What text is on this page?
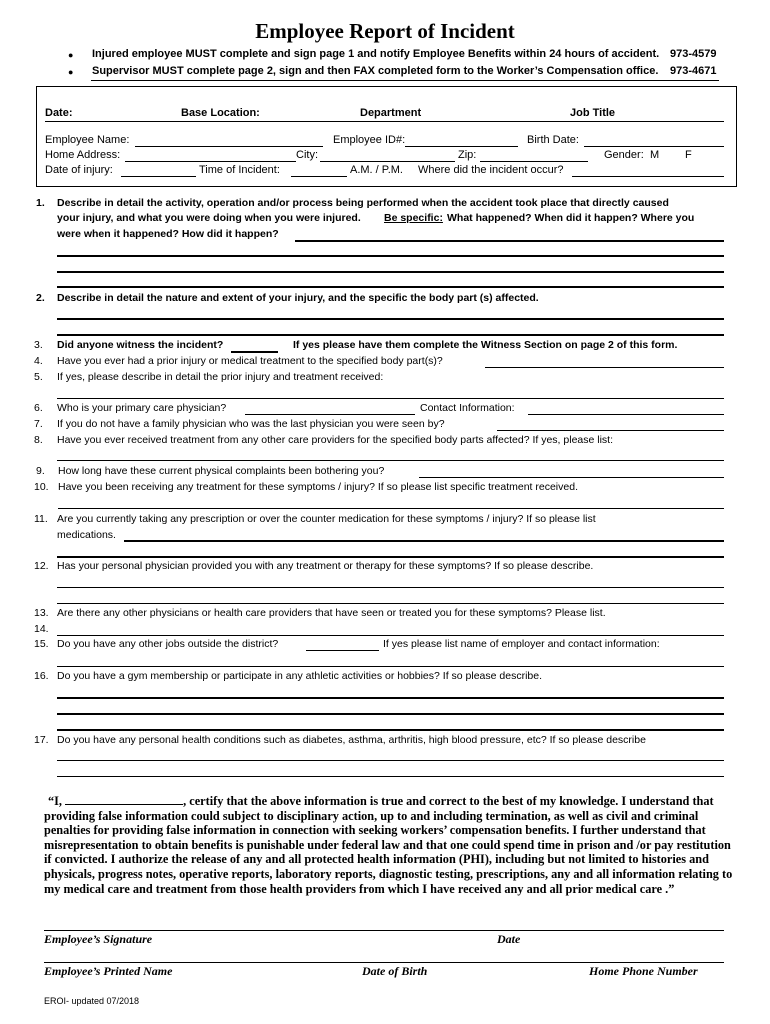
Employee Report of Incident
● Injured employee MUST complete and sign page 1 and notify Employee Benefits within 24 hours of accident. 973-4579
● Supervisor MUST complete page 2, sign and then FAX completed form to the Worker’s Compensation office. 973-4671
Date:	Base Location:	Department	Job Title
Employee Name:	Employee ID#:	Birth Date:
Home Address:	City:	Zip:	Gender: M F
Date of injury:	Time of Incident:	A.M. / P.M. Where did the incident occur?
1. Describe in detail the activity, operation and/or process being performed when the accident took place that directly caused
your injury, and what you were doing when you were injured. Be specific: What happened? When did it happen? Where you
were when it happened? How did it happen?
2. Describe in detail the nature and extent of your injury, and the specific the body part (s) affected.
3. Did anyone witness the incident?	If yes please have them complete the Witness Section on page 2 of this form.
4. Have you ever had a prior injury or medical treatment to the specified body part(s)?
5. If yes, please describe in detail the prior injury and treatment received:
6. Who is your primary care physician?	Contact Information:
7. If you do not have a family physician who was the last physician you were seen by?
8. Have you ever received treatment from any other care providers for the specified body parts affected? If yes, please list:
9. How long have these current physical complaints been bothering you?
10. Have you been receiving any treatment for these symptoms / injury? If so please list specific treatment received.
11. Are you currently taking any prescription or over the counter medication for these symptoms / injury? If so please list
medications.
12. Has your personal physician provided you with any treatment or therapy for these symptoms? If so please describe.
13. Are there any other physicians or health care providers that have seen or treated you for these symptoms? Please list.
14.
15. Do you have any other jobs outside the district?	If yes please list name of employer and contact information:
16. Do you have a gym membership or participate in any athletic activities or hobbies? If so please describe.
17. Do you have any personal health conditions such as diabetes, asthma, arthritis, high blood pressure, etc? If so please describe
“I,	, certify that the above information is true and correct to the best of my knowledge. I understand that providing false information could subject to disciplinary action, up to and including termination, as well as civil and criminal penalties for providing false information in connection with seeking workers’ compensation benefits. I further understand that misrepresentation to obtain benefits is punishable under federal law and that one could spend time in prison and /or pay restitution if convicted. I authorize the release of any and all protected health information (PHI), including but not limited to histories and physicals, progress notes, operative reports, laboratory reports, diagnostic testing, prescriptions, any and all information relating to my medical care and treatment from those health providers from which I have received any and all prior medical care .”
Employee’s Signature	Date
Employee’s Printed Name	Date of Birth	Home Phone Number
EROI- updated 07/2018
